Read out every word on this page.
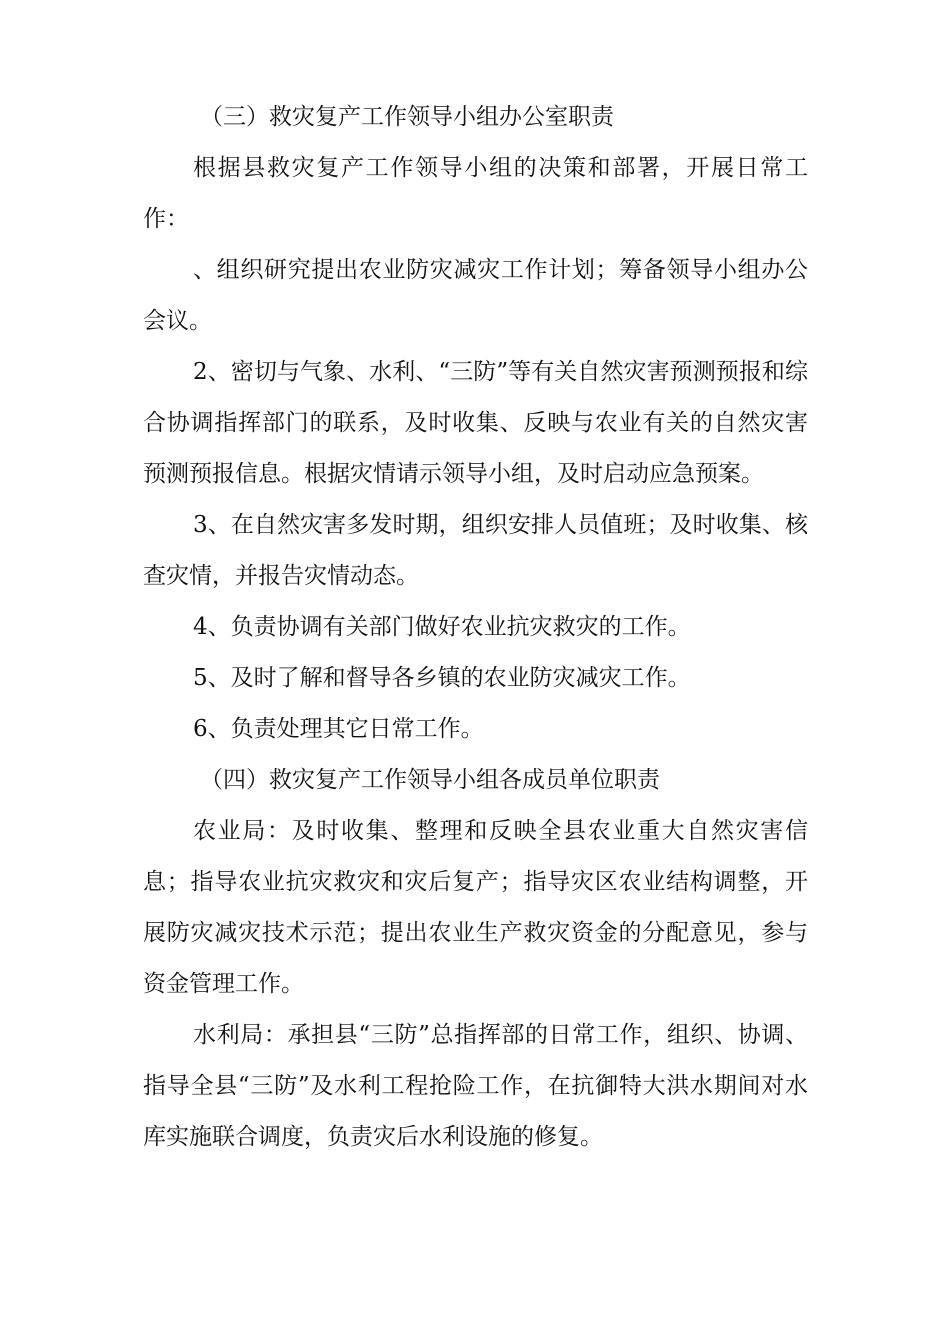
（三）救灾复产工作领导小组办公室职责

根据县救灾复产工作领导小组的决策和部署，开展日常工作：

、组织研究提出农业防灾减灾工作计划；筹备领导小组办公会议。

2、密切与气象、水利、“三防”等有关自然灾害预测预报和综合协调指挥部门的联系，及时收集、反映与农业有关的自然灾害预测预报信息。根据灾情请示领导小组，及时启动应急预案。

3、在自然灾害多发时期，组织安排人员值班；及时收集、核查灾情，并报告灾情动态。

4、负责协调有关部门做好农业抗灾救灾的工作。

5、及时了解和督导各乡镇的农业防灾减灾工作。

6、负责处理其它日常工作。

（四）救灾复产工作领导小组各成员单位职责

农业局：及时收集、整理和反映全县农业重大自然灾害信息；指导农业抗灾救灾和灾后复产；指导灾区农业结构调整，开展防灾减灾技术示范；提出农业生产救灾资金的分配意见，参与资金管理工作。

水利局：承担县“三防”总指挥部的日常工作，组织、协调、指导全县“三防”及水利工程抢险工作，在抗御特大洪水期间对水库实施联合调度，负责灾后水利设施的修复。
